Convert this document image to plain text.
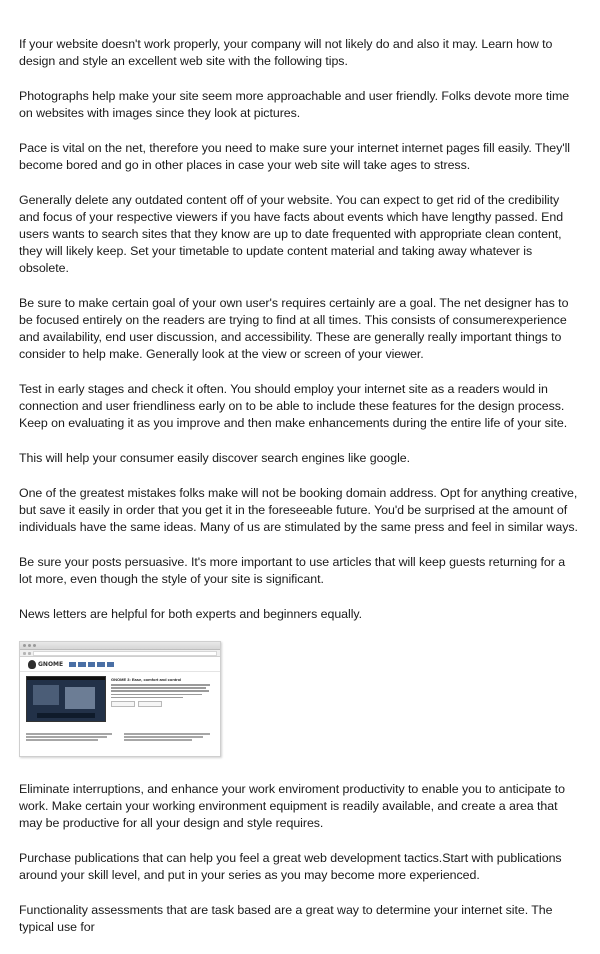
If your website doesn't work properly, your company will not likely do and also it may. Learn how to design and style an excellent web site with the following tips.

Photographs help make your site seem more approachable and user friendly. Folks devote more time on websites with images since they look at pictures.

Pace is vital on the net, therefore you need to make sure your internet internet pages fill easily. They'll become bored and go in other places in case your web site will take ages to stress.

Generally delete any outdated content off of your website. You can expect to get rid of the credibility and focus of your respective viewers if you have facts about events which have lengthy passed. End users wants to search sites that they know are up to date frequented with appropriate clean content, they will likely keep. Set your timetable to update content material and taking away whatever is obsolete.

Be sure to make certain goal of your own user's requires certainly are a goal. The net designer has to be focused entirely on the readers are trying to find at all times. This consists of consumerexperience and availability, end user discussion, and accessibility. These are generally really important things to consider to help make. Generally look at the view or screen of your viewer.

Test in early stages and check it often. You should employ your internet site as a readers would in connection and user friendliness early on to be able to include these features for the design process. Keep on evaluating it as you improve and then make enhancements during the entire life of your site.

This will help your consumer easily discover search engines like google.

One of the greatest mistakes folks make will not be booking domain address. Opt for anything creative, but save it easily in order that you get it in the foreseeable future. You'd be surprised at the amount of individuals have the same ideas. Many of us are stimulated by the same press and feel in similar ways.

Be sure your posts persuasive. It's more important to use articles that will keep guests returning for a lot more, even though the style of your site is significant.

News letters are helpful for both experts and beginners equally.

GNOME

GNOME 3: Ease, comfort and control

Eliminate interruptions, and enhance your work enviroment productivity to enable you to anticipate to work. Make certain your working environment equipment is readily available, and create a area that may be productive for all your design and style requires.

Purchase publications that can help you feel a great web development tactics.Start with publications around your skill level, and put in your series as you may become more experienced.

Functionality assessments that are task based are a great way to determine your internet site. The typical use for
